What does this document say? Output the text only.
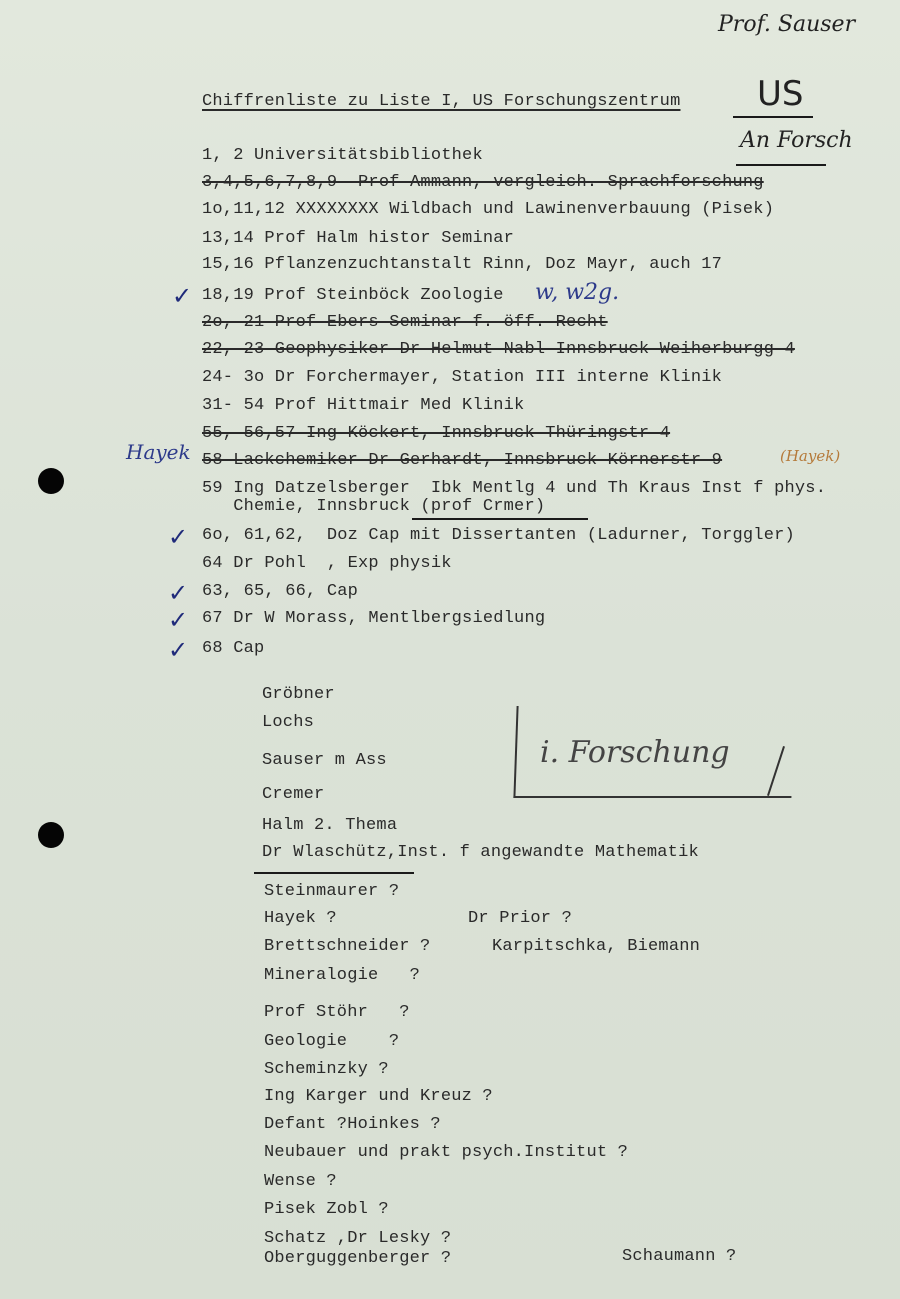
Prof. Sauser
US
An Forsch
Chiffrenliste zu Liste I, US Forschungszentrum
1, 2 Universitätsbibliothek
3,4,5,6,7,8,9  Prof Ammann, vergleich. Sprachforschung
1o,11,12 XXXXXXXX Wildbach und Lawinenverbauung (Pisek)
13,14 Prof Halm histor Seminar
15,16 Pflanzenzuchtanstalt Rinn, Doz Mayr, auch 17
✓ 18,19 Prof Steinböck Zoologie w, w2g.
2o, 21 Prof Ebers Seminar f. öff. Recht
22, 23 Geophysiker Dr Helmut Nabl Innsbruck Weiherburgg 4
24- 3o Dr Forchermayer, Station III interne Klinik
31- 54 Prof Hittmair Med Klinik
55, 56,57 Ing Köckert, Innsbruck Thüringstr 4
Hayek 58 Lackchemiker Dr Gerhardt, Innsbruck Körnerstr 9	(Hayek)
59 Ing Datzelsberger  Ibk Mentlg 4 und Th Kraus Inst f phys.
Chemie, Innsbruck (prof Crmer)
✓ 6o, 61,62,  Doz Cap mit Dissertanten (Ladurner, Torggler)
64 Dr Pohl  , Exp physik
✓ 63, 65, 66, Cap
✓ 67 Dr W Morass, Mentlbergsiedlung
✓ 68 Cap
Gröbner
Lochs
Sauser m Ass
Cremer
Halm 2. Thema
Dr Wlaschütz,Inst. f angewandte Mathematik
i. Forschung
Steinmaurer ?
Hayek ?	Dr Prior ?
Brettschneider ?	Karpitschka, Biemann
Mineralogie   ?
Prof Stöhr   ?
Geologie    ?
Scheminzky ?
Ing Karger und Kreuz ?
Defant ?Hoinkes ?
Neubauer und prakt psych.Institut ?
Wense ?
Pisek Zobl ?
Schatz ,Dr Lesky ?
Oberguggenberger ?	Schaumann ?
